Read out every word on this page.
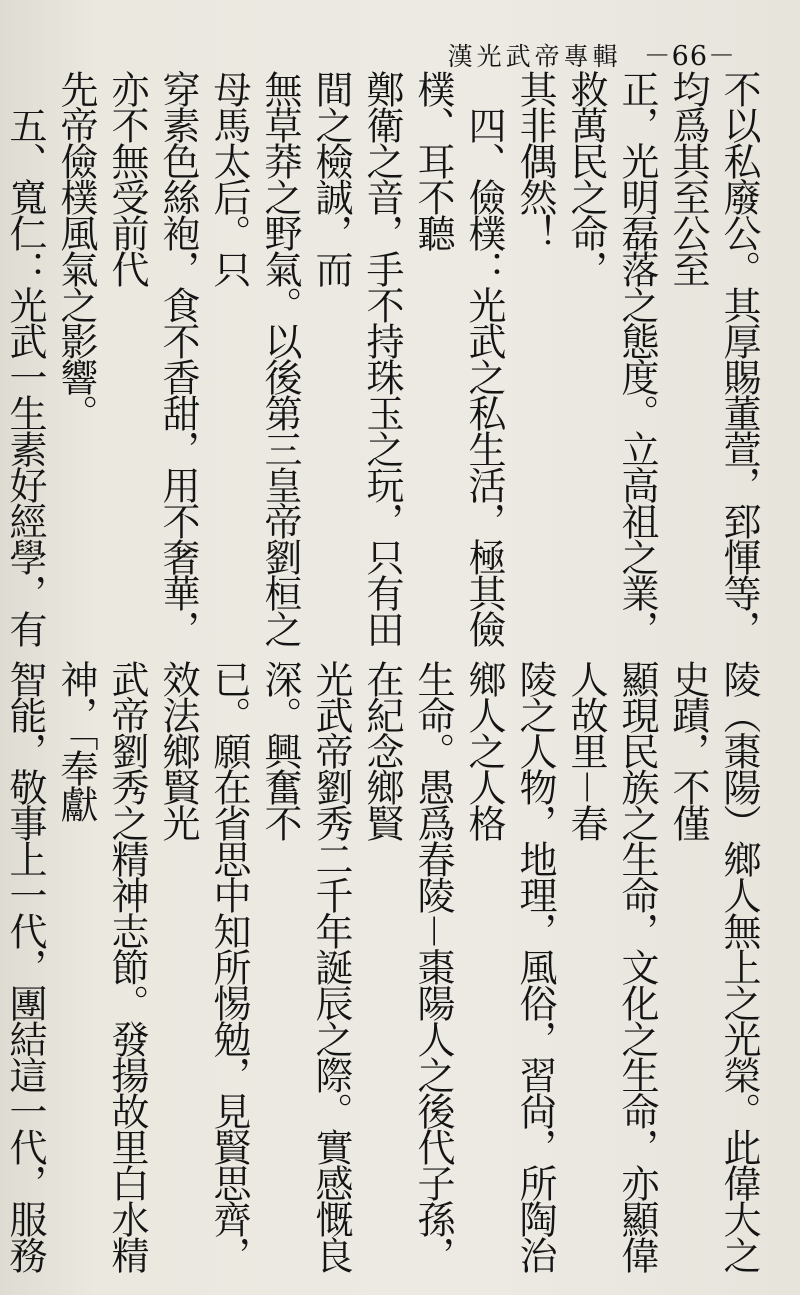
漢光武帝專輯 －66－

不以私廢公。其厚賜董萱，郅惲等，均爲其至公至

正，光明磊落之態度。立高祖之業，救萬民之命，

其非偶然！

　四、儉樸：光武之私生活，極其儉樸、耳不聽

鄭衛之音，手不持珠玉之玩，只有田間之檢誠，而

無草莽之野氣。以後第三皇帝劉桓之母馬太后。只

穿素色絲袍，食不香甜，用不奢華，亦不無受前代

先帝儉樸風氣之影響。

　五、寬仁：光武一生素好經學，有

陵（棗陽）鄉人無上之光榮。此偉大之史蹟，不僅

顯現民族之生命，文化之生命，亦顯偉人故里－春

陵之人物，地理，風俗，習尙，所陶治鄉人之人格

生命。愚爲春陵－棗陽人之後代子孫，在紀念鄉賢

光武帝劉秀二千年誕辰之際。實感慨良深。興奮不

已。願在省思中知所惕勉，見賢思齊，效法鄉賢光

武帝劉秀之精神志節。發揚故里白水精神，「奉獻

智能，敬事上一代，團結這一代，服務
